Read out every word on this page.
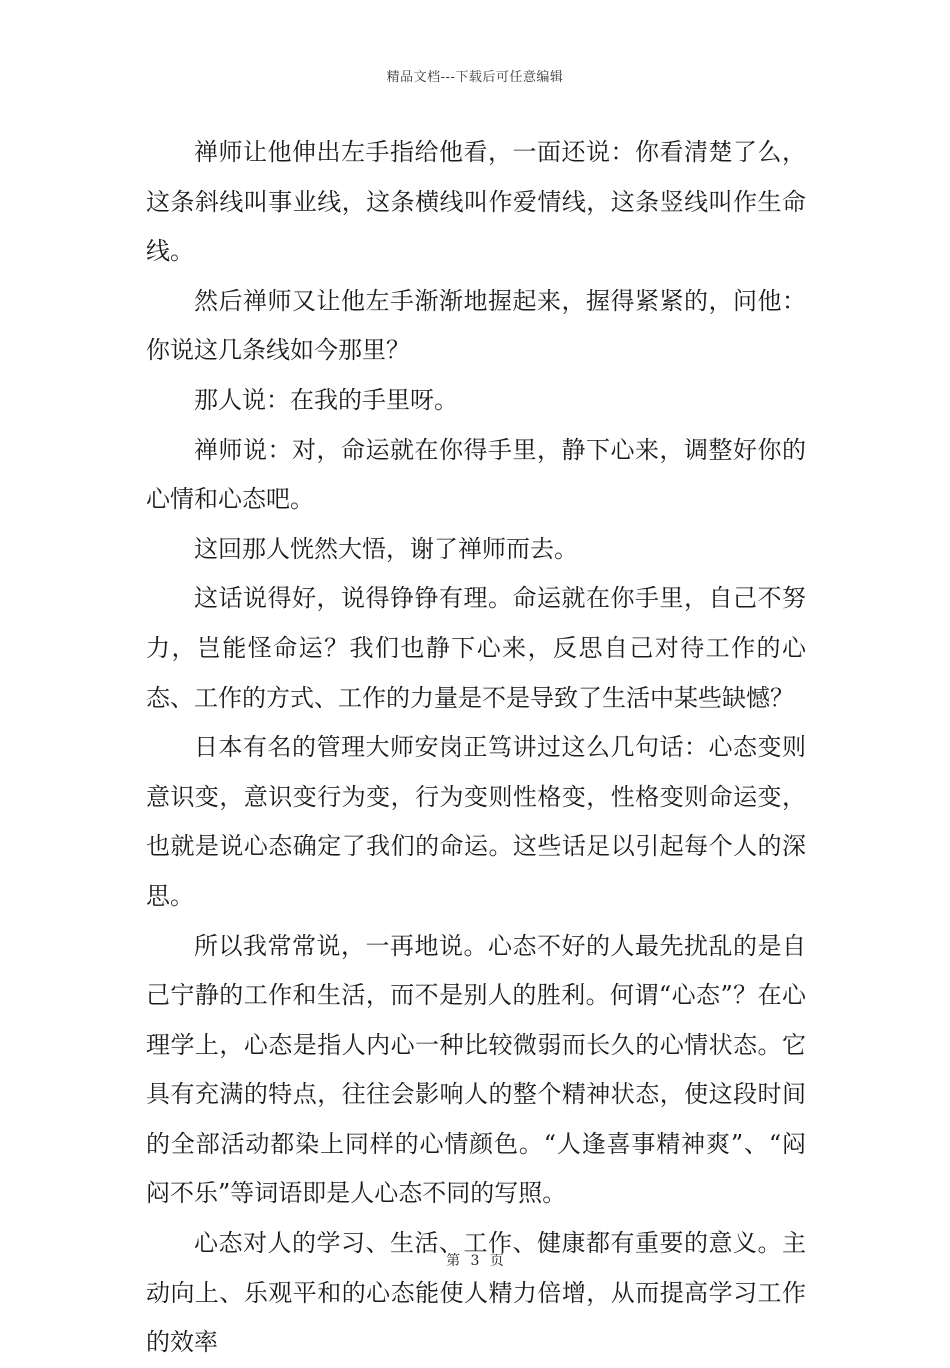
精品文档---下载后可任意编辑

禅师让他伸出左手指给他看，一面还说：你看清楚了么，这条斜线叫事业线，这条横线叫作爱情线，这条竖线叫作生命线。

然后禅师又让他左手渐渐地握起来，握得紧紧的，问他：你说这几条线如今那里？

那人说：在我的手里呀。

禅师说：对，命运就在你得手里，静下心来，调整好你的心情和心态吧。

这回那人恍然大悟，谢了禅师而去。

这话说得好，说得铮铮有理。命运就在你手里，自己不努力，岂能怪命运？我们也静下心来，反思自己对待工作的心态、工作的方式、工作的力量是不是导致了生活中某些缺憾？

日本有名的管理大师安岗正笃讲过这么几句话：心态变则意识变，意识变行为变，行为变则性格变，性格变则命运变，也就是说心态确定了我们的命运。这些话足以引起每个人的深思。

所以我常常说，一再地说。心态不好的人最先扰乱的是自己宁静的工作和生活，而不是别人的胜利。何谓“心态”？在心理学上，心态是指人内心一种比较微弱而长久的心情状态。它具有充满的特点，往往会影响人的整个精神状态，使这段时间的全部活动都染上同样的心情颜色。“人逢喜事精神爽”、“闷闷不乐”等词语即是人心态不同的写照。

心态对人的学习、生活、工作、健康都有重要的意义。主动向上、乐观平和的心态能使人精力倍增，从而提高学习工作的效率

第 3 页
